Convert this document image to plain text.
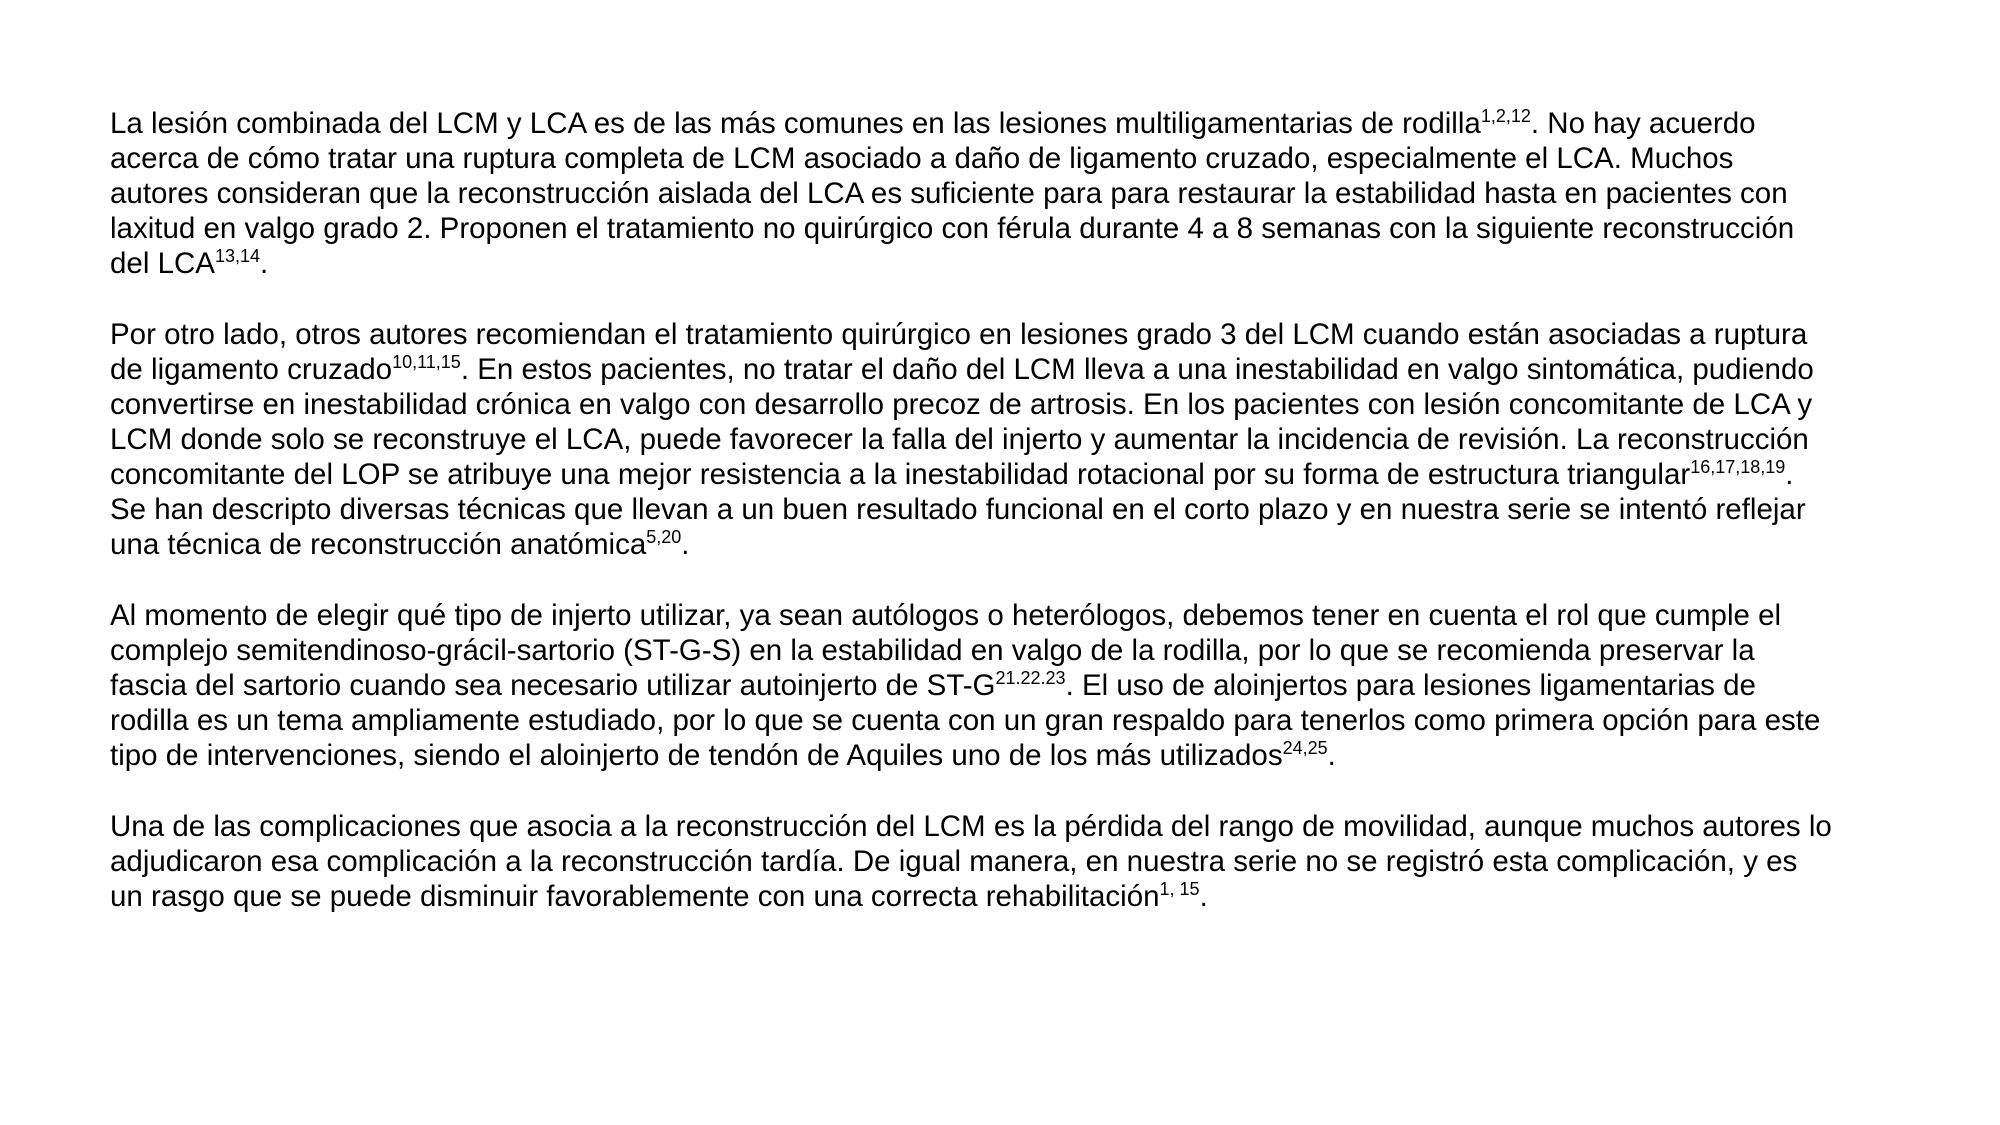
La lesión combinada del LCM y LCA es de las más comunes en las lesiones multiligamentarias de rodilla$^{1,2,12}$. No hay acuerdo
acerca de cómo tratar una ruptura completa de LCM asociado a daño de ligamento cruzado, especialmente el LCA. Muchos
autores consideran que la reconstrucción aislada del LCA es suficiente para para restaurar la estabilidad hasta en pacientes con
laxitud en valgo grado 2. Proponen el tratamiento no quirúrgico con férula durante 4 a 8 semanas con la siguiente reconstrucción
del LCA$^{13,14}$.

Por otro lado, otros autores recomiendan el tratamiento quirúrgico en lesiones grado 3 del LCM cuando están asociadas a ruptura
de ligamento cruzado$^{10,11,15}$. En estos pacientes, no tratar el daño del LCM lleva a una inestabilidad en valgo sintomática, pudiendo
convertirse en inestabilidad crónica en valgo con desarrollo precoz de artrosis. En los pacientes con lesión concomitante de LCA y
LCM donde solo se reconstruye el LCA, puede favorecer la falla del injerto y aumentar la incidencia de revisión. La reconstrucción
concomitante del LOP se atribuye una mejor resistencia a la inestabilidad rotacional por su forma de estructura triangular$^{16,17,18,19}$.
Se han descripto diversas técnicas que llevan a un buen resultado funcional en el corto plazo y en nuestra serie se intentó reflejar
una técnica de reconstrucción anatómica$^{5,20}$.

Al momento de elegir qué tipo de injerto utilizar, ya sean autólogos o heterólogos, debemos tener en cuenta el rol que cumple el
complejo semitendinoso-grácil-sartorio (ST-G-S) en la estabilidad en valgo de la rodilla, por lo que se recomienda preservar la
fascia del sartorio cuando sea necesario utilizar autoinjerto de $ST-G^{21.22.23}$. El uso de aloinjertos para lesiones ligamentarias de
rodilla es un tema ampliamente estudiado, por lo que se cuenta con un gran respaldo para tenerlos como primera opción para este
tipo de intervenciones, siendo el aloinjerto de tendón de Aquiles uno de los más utilizados$^{24,25}$.

Una de las complicaciones que asocia a la reconstrucción del LCM es la pérdida del rango de movilidad, aunque muchos autores lo
adjudicaron esa complicación a la reconstrucción tardía. De igual manera, en nuestra serie no se registró esta complicación, y es
un rasgo que se puede disminuir favorablemente con una correcta rehabilitación$^{1, 15}$.
